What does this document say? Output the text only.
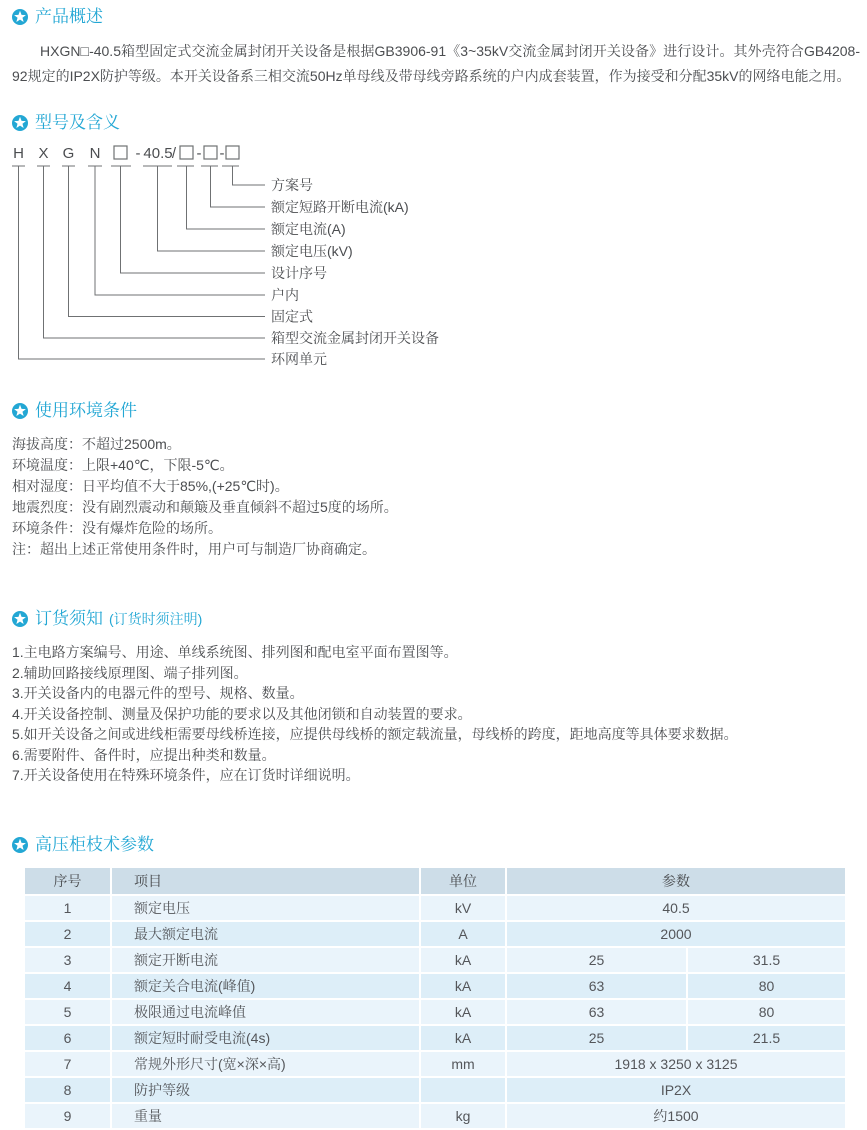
产品概述

HXGN□-40.5箱型固定式交流金属封闭开关设备是根据GB3906-91《3~35kV交流金属封闭开关设备》进行设计。其外壳符合GB4208-92规定的IP2X防护等级。本开关设备系三相交流50Hz单母线及带母线旁路系统的户内成套装置，作为接受和分配35kV的网络电能之用。

型号及含义
H X G N - 40.5 / - -
方案号
额定短路开断电流(kA)
额定电流(A)
额定电压(kV)
设计序号
户内
固定式
箱型交流金属封闭开关设备
环网单元
使用环境条件
海拔高度：不超过2500m。
环境温度：上限+40℃，下限-5℃。
相对湿度：日平均值不大于85%,(+25℃时)。
地震烈度：没有剧烈震动和颠簸及垂直倾斜不超过5度的场所。
环境条件：没有爆炸危险的场所。
注：超出上述正常使用条件时，用户可与制造厂协商确定。
订货须知 (订货时须注明)
1.主电路方案编号、用途、单线系统图、排列图和配电室平面布置图等。
2.辅助回路接线原理图、端子排列图。
3.开关设备内的电器元件的型号、规格、数量。
4.开关设备控制、测量及保护功能的要求以及其他闭锁和自动装置的要求。
5.如开关设备之间或进线柜需要母线桥连接，应提供母线桥的额定载流量，母线桥的跨度，距地高度等具体要求数据。
6.需要附件、备件时，应提出种类和数量。
7.开关设备使用在特殊环境条件，应在订货时详细说明。
高压柜枝术参数
序号	项目	单位	参数	
1	额定电压	kV	40.5	
2	最大额定电流	A	2000	
3	额定开断电流	kA	25	31.5
4	额定关合电流(峰值)	kA	63	80
5	极限通过电流峰值	kA	63	80
6	额定短时耐受电流(4s)	kA	25	21.5
7	常规外形尺寸(宽×深×高)	mm	1918 x 3250 x 3125	
8	防护等级		IP2X	
9	重量	kg	约1500	
